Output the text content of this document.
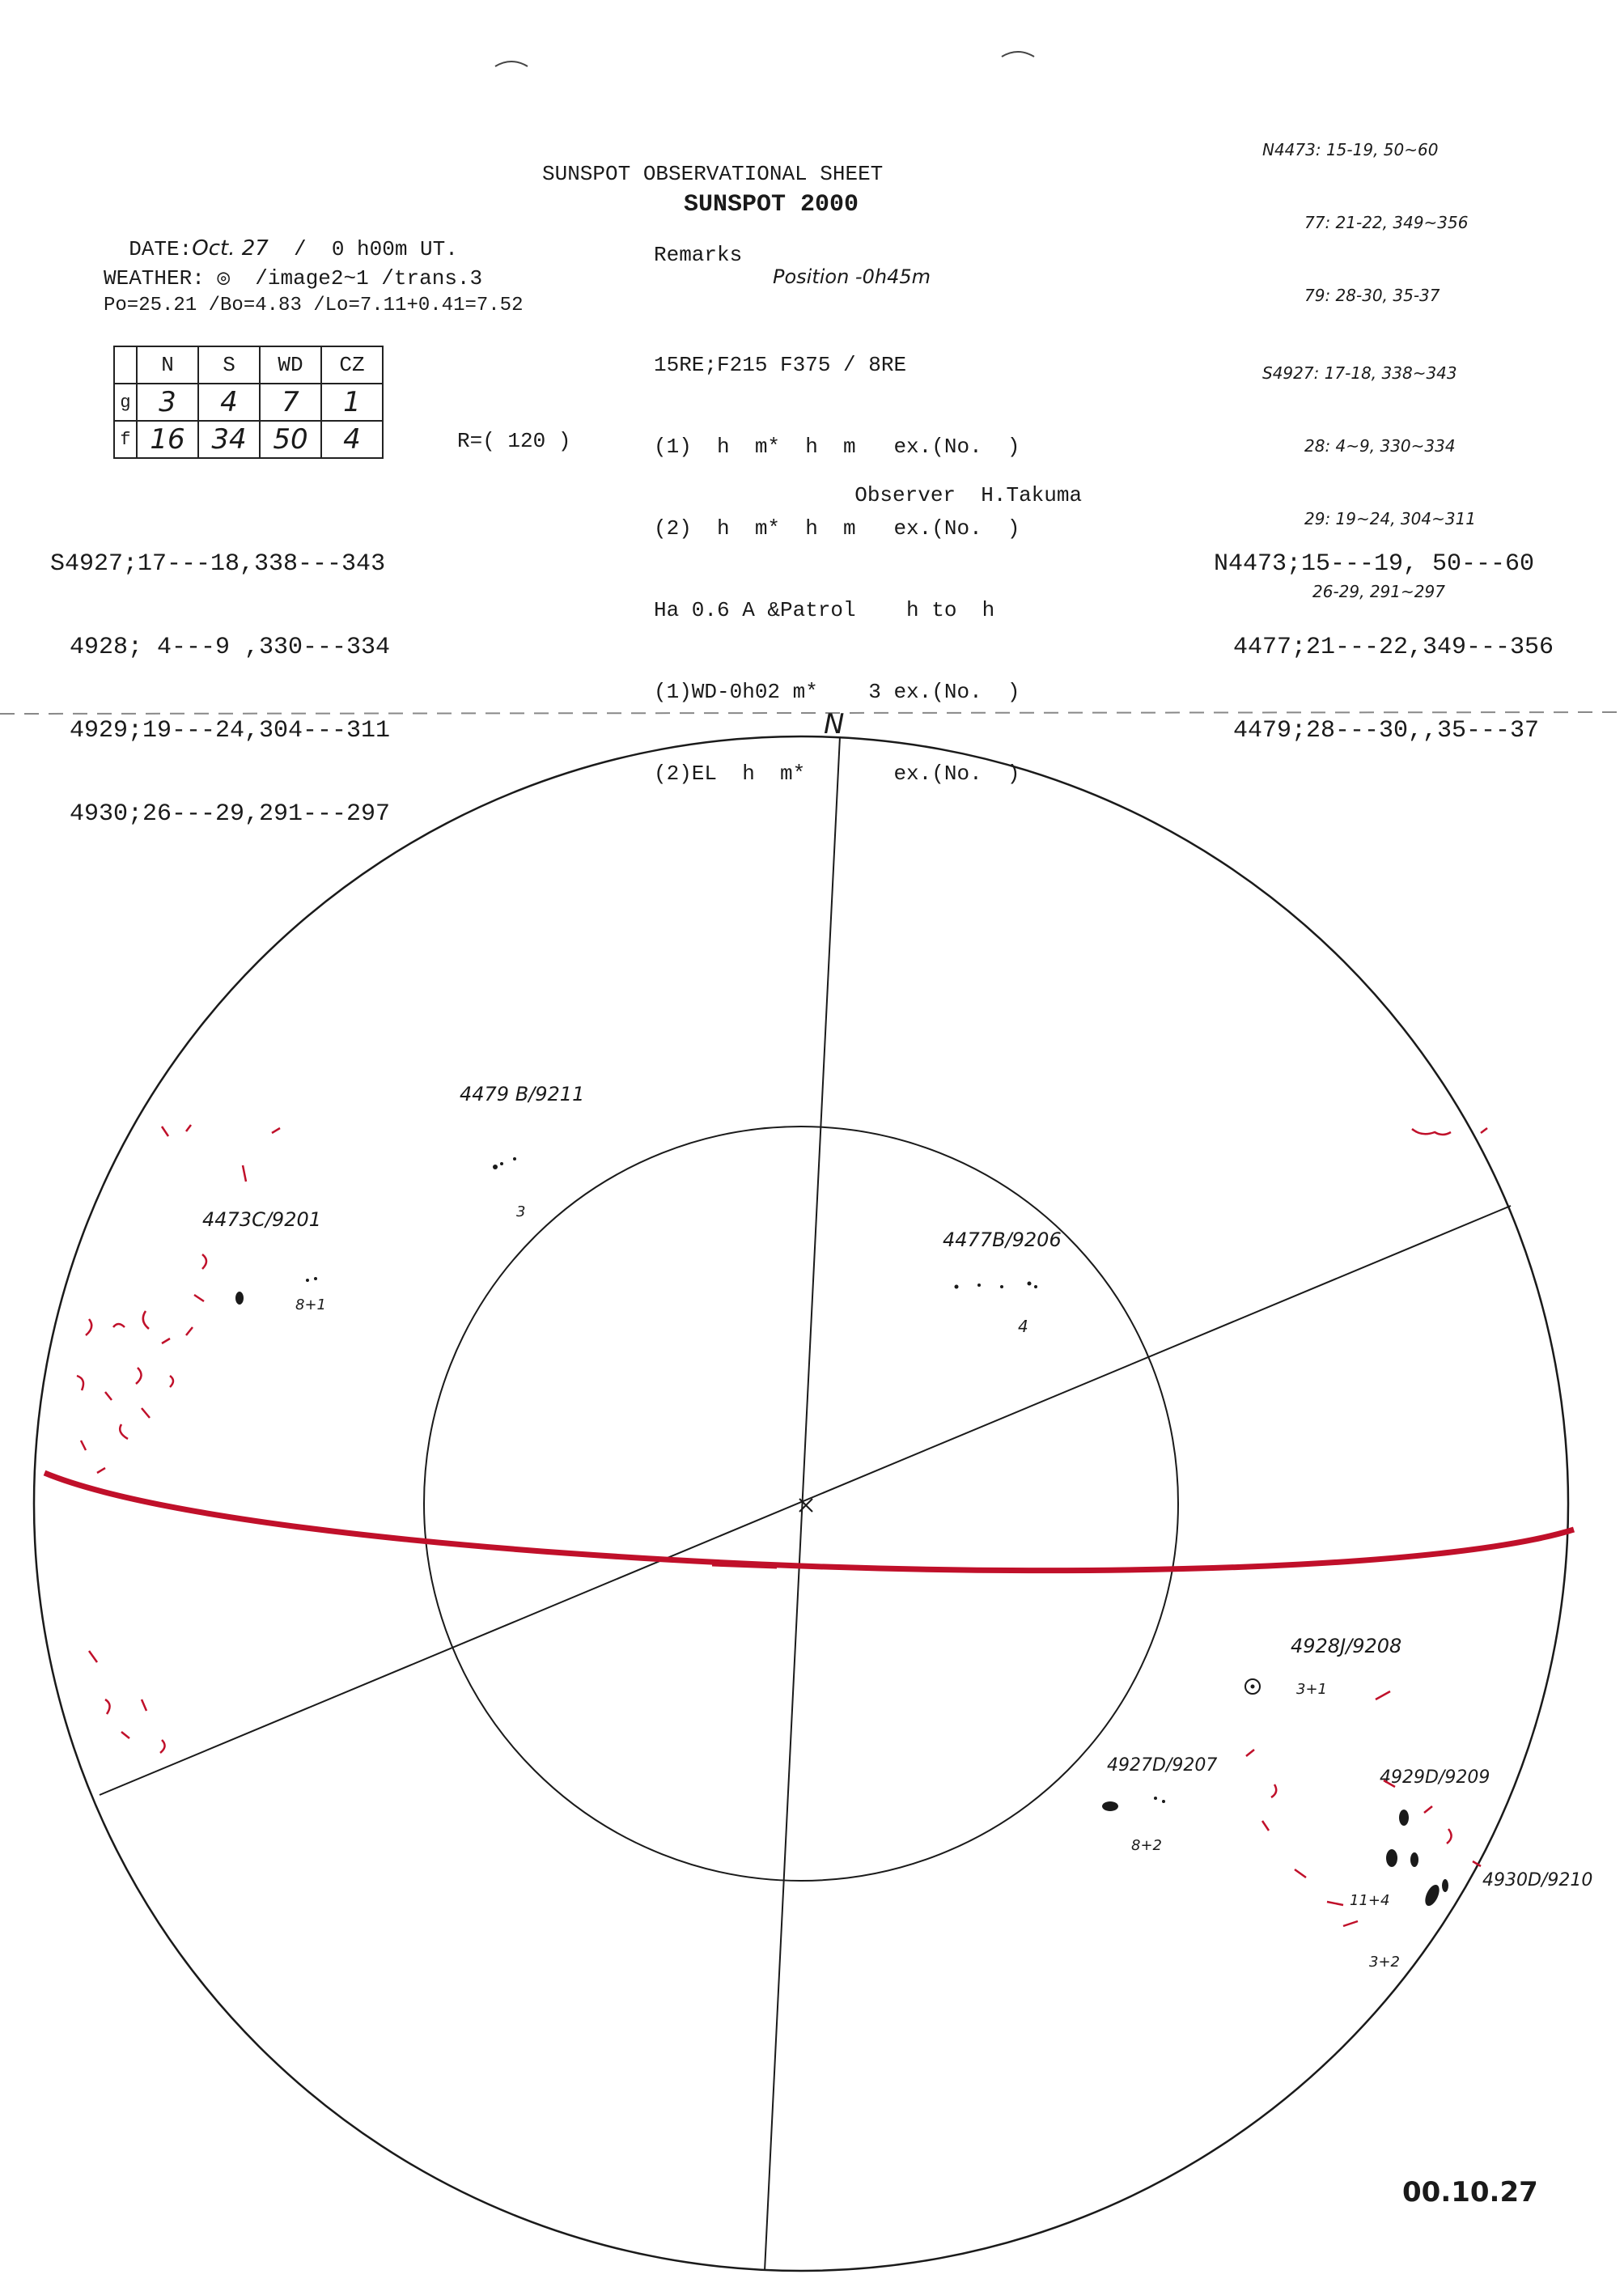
N4473: 15-19, 50~60

77: 21-22, 349~356

79: 28-30, 35-37

S4927: 17-18, 338~343

28: 4~9, 330~334

29: 19~24, 304~311

26-29, 291~297

SUNSPOT OBSERVATIONAL SHEET
SUNSPOT 2000

DATE:Oct. 27 /  0 h00m UT.

WEATHER: ◎  /image2~1 /trans.3
Po=25.21 /Bo=4.83 /Lo=7.11+0.41=7.52
Remarks
Position -0h45m

15RE;F215 F375 / 8RE

(1)  h  m*  h  m   ex.(No.  )

(2)  h  m*  h  m   ex.(No.  )

Ha 0.6 A &Patrol    h to  h

(1)WD-0h02 m*    3 ex.(No.  )

(2)EL  h  m*       ex.(No.  )

Observer H.Takuma

	N	S	WD	CZ
g	3	4	7	1
f	16	34	50	4	R=( 120 )

S4927;17---18,338---343

4928; 4---9 ,330---334

4929;19---24,304---311

4930;26---29,291---297

N4473;15---19, 50---60

4477;21---22,349---356

4479;28---30,,35---37

N
4479 B/9211
3
4473C/9201
8+1
4477B/9206
4
4928J/9208
3+1
4927D/9207
8+2
4929D/9209
11+4
4930D/9210
3+2
00.10.27
